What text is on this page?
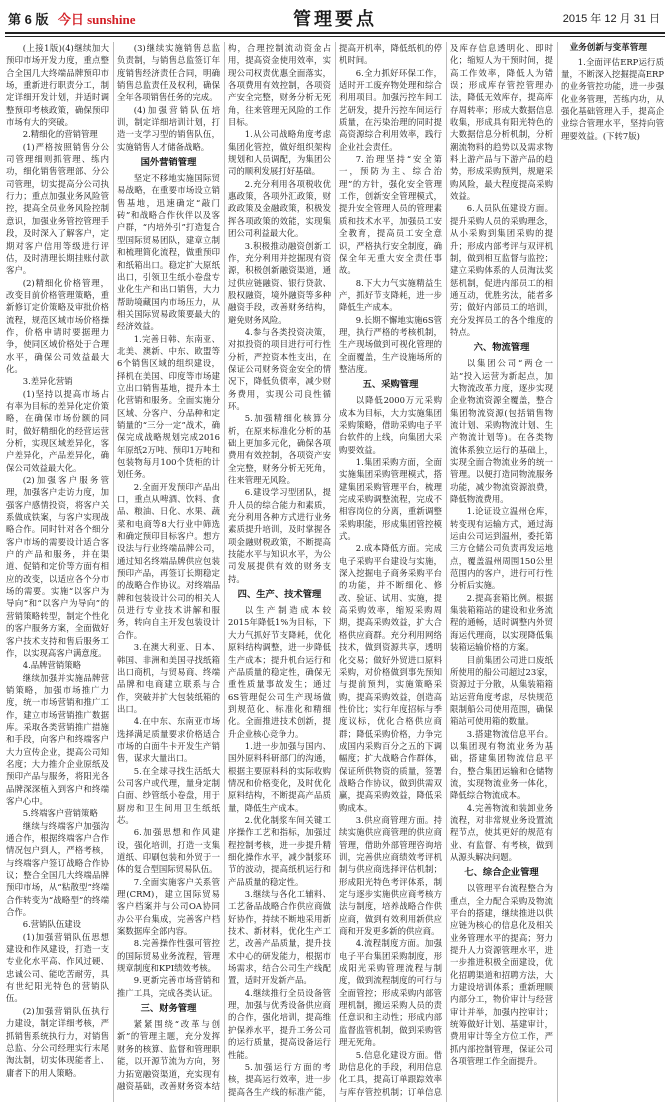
第 6 版 今日 sunshine	管理要点	2015 年 12 月 31 日

(上接1版)(4)继续加大预印市场开发力度，重点整合全国几大终端品牌预印市场，重新进行职责分工，制定详细开发计划，并适时调整预印考核政策，确保预印市场有大的突破。

2.精细化的营销管理

(1)严格按照销售分公司管理细则抓管理、练内功，细化销售管理部、分公司管理，切实提高分公司执行力；重点加强业务风险管控，提高全员业务风险控制意识，加强业务管控管理手段，及时深入了解客户，定期对客户信用等级进行评估，及时清理长期挂账付款客户。

(2)精细化价格管理，改变目前价格管理策略，重新修订定价策略及审批价格流程，规范区域市场价格操作，价格申请时要据理力争，使同区域价格处于合理水平，确保公司效益最大化。

3.差异化营销

(1)坚持以提高市场占有率为目标的差异化定价策略，在确保市场份额的同时，做好精细化的经营运营分析，实现区域差异化，客户差异化，产品差异化，确保公司效益最大化。

(2)加强客户服务管理，加强客户走访力度，加强客户感情投资，将客户关系做成铁案，与客户实现战略合作。同时针对各个细分客户市场的需要设计适合客户的产品和服务，并在渠道、促销和定价等方面有相应的改变，以适应各个分市场的需要。实施“以客户为导向”和“以客户为导向”的营销策略转型，制定个性化的客户服务方案，全面做好客户技术支持和售后服务工作，以实现高客户满意度。

4.品牌营销策略

继续加强并实施品牌营销策略，加强市场推广力度，统一市场营销和推广工作，建立市场营销推广数据库。采取各类营销推广措施和手段，向客户和终端客户大力宣传企业，提高公司知名度；大力推介企业原纸及预印产品与服务，将阳光各品牌深深植入到客户和终端客户心中。

5.终端客户营销策略

继续与终端客户加强沟通合作，根据终端客户合作情况包户到人，严格考核，与终端客户签订战略合作协议；整合全国几大终端品牌预印市场，从“粘散型”终端合作转变为“战略型”的终端合作。

6.营销队伍建设

(1)加强营销队伍思想建设和作风建设，打造一支专业化水平高、作风过硬、忠诚公司、能吃苦耐劳，具有世纪阳光特色的营销队伍。

(2)加强营销队伍执行力建设，制定详细考核，严抓销售系统执行力，对销售总监、分公司经理实行末尾淘汰制，切实体现能者上、庸者下的用人策略。

(3)继续实施销售总监负责制，与销售总监签订年度销售经济责任合同，明确销售总监责任及权利，确保全年各项销售任务的完成。

(4)加强营销队伍培训，制定详细培训计划，打造一支学习型的销售队伍，实施销售人才储备战略。

国外营销管理

坚定不移地实施国际贸易战略，在重要市场设立销售基地，迅速确定“敲门砖”和战略合作伙伴以及客户群，“内培外引”打造复合型国际贸易团队，建章立制和梳理简化流程，做重预印和纸箱出口。稳定扩大原纸出口，引领卫生纸小卷盘专业化生产和出口销售，大力帮助境藏国内市场压力，从相关国际贸易政策要最大的经济效益。

1.完善日韩、东南亚、北美、澳新、中东、欧盟等6个销售区域的组织建设，择机在美国、印度等市场建立出口销售基地，提升本土化营销和服务。全面实施分区域、分客户、分品种和定销量的“三分一定”战术，确保完成战略规划完成2016年原纸2万吨、预印1万吨和包装物每月100个货柜的计划任务。

2.全面开发预印产品出口，重点从啤酒、饮料、食品、粮油、日化、水果、蔬菜和电商等8大行业中筛选和确定预印目标客户。想方设法与行业终端品牌公司，通过知名终端品牌供应包装预印产品，再签订长期稳定的战略合作协议。对终端品牌和包装设计公司的相关人员进行专业技术讲解和服务，转向自主开发包装设计合作。

3.在澳大利亚、日本、韩国、非洲和美国寻找纸箱出口商机，与贸易商、终端品牌和电商建立联系与合作，突破并扩大包装纸箱的出口。

4.在中东、东南亚市场选择满足质量要求价格适合市场的白面牛卡开发生产销售，谋求大量出口。

5.在全球寻找生活纸大公司客户或代理，量身定制白面、纱管纸小卷盘，用于厨房和卫生间用卫生纸纸芯。

6.加强思想和作风建设，强化培训，打造一支集道纸、印刷包装和外贸于一体的复合型国际贸易队伍。

7.全面实施客户关系管理(CRM)，建立国际贸易客户档案并与公司OA协同办公平台集成，完善客户档案数据库全部内容。

8.完善操作性强可管控的国际贸易业务流程，管理规章制度和KPI绩效考核。

9.更新完善市场营销和推广工具，完成各类认证。

三、财务管理

紧紧围绕“改革与创新”的管理主题，充分发挥财务的核算、监督和管理职能，以开源节流为方向，努力拓宽融资渠道，充实现有融资基础，改善财务资本结构，合理控制流动资金占用，提高资金使用效率，实现公司权责优惠全面落实，各项费用有效控制，各项资产安全完整，财务分析无死角，往来管理无风险的工作目标。

1.从公司战略角度考虑集团化管控，做好组织架构规划和人员调配，为集团公司的顺利发展打好基础。

2.充分利用各项税收优惠政策，各项外汇政策，财政政策及金融政策，积极发挥各项政策的效能，实现集团公司利益最大化。

3.积极推动融资创新工作，充分利用并挖掘现有资源，积极创新融资渠道，通过供应链融资、银行贷款、股权融资，境外融资等多种融资手段，改善财务结构，避免财务风险。

4.参与各类投资决策，对拟投资的项目进行可行性分析，严控资本性支出，在保证公司财务资金安全的情况下，降低负债率，减少财务费用，实现公司良性循环。

5.加强精细化核算分析，在原来标准化分析的基础上更加多元化，确保各项费用有效控制，各项资产安全完整，财务分析无死角，往来管理无风险。

6.建设学习型团队，提升人员的综合能力和素质，充分利用各种方式进行业务素质提升培训，及时掌握各项金融财税政策，不断提高技能水平与知识水平，为公司发展提供有效的财务支持。

四、生产、技术管理

以生产制造成本较2015年降低1%为目标，下大力气抓好节支降耗，优化原料结构调整，进一步降低生产成本；提升机台运行和产品质量的稳定性，确保无重性质量事故发生；通过6S管理促公司生产现场做到规范化、标准化和精细化。全面推进技术创新，提升企业核心竞争力。

1.进一步加强与国内、国外原料科研部门的沟通，根据主要原料科的实际收购情况和价格变化，及时优化原料结构，不断提高产品质量，降低生产成本。

2.优化制浆车间关键工序操作工艺和指标，加强过程控制考核，进一步提升精细化操作水平，减少制浆环节的波动，提高纸机运行和产品质量的稳定性。

3.继续与各化工辅料、工艺备品战略合作供应商做好协作，持续不断地采用新技术、新材料，优化生产工艺，改善产品质量，提升技术中心的研发能力，根据市场需求，结合公司生产线配置，适时开发新产品。

4.继续推行全员设备管理，加强与优秀设备供应商的合作，强化培训，提高维护保养水平，提升工务公司的运行质量，提高设备运行性能。

5.加强运行方面的考核，提高运行效率，进一步提高各生产线的标准产能，提高开机率，降低纸机的停机时间。

6.全力抓好环保工作，适时开工废弃物处理和综合利用项目。加强污控车间工艺研发，提升污控车间运行质量，在污染治理的同时提高资源综合利用效率，践行企业社会责任。

7.治理坚持“安全第一，预防为主、综合治理”的方针，强化安全管理工作，创新安全管理模式，提升安全管理人员的管理素质和技术水平，加强员工安全教育，提高员工安全意识，严格执行安全制度，确保全年无重大安全责任事故。

8.下大力气实施精益生产，抓好节支降耗，进一步降低生产成本。

9.长期不懈地实施6S管理，执行严格的考核机制，生产现场做到可视化管理的全面覆盖，生产设施场所的整洁度。

五、采购管理

以降低2000万元采购成本为目标，大力实施集团采购策略，借助采购电子平台软件的上线，向集团大采购要效益。

1.集团采购方面，全面实施集团采购管理模式，搭建集团采购管理平台，梳理完成采购调整流程，完成不相容岗位的分离，重新调整采购职能，形成集团管控模式。

2.成本降低方面。完成电子采购平台建设与实施，深入挖掘电子商务采购平台的功能，并不断细化、修改、验证、试用、实施，提高采购效率，缩短采购周期，提高采购效益，扩大合格供应商群。充分利用网络技术，做到资源共享，透明化交易；做好外贸进口原料采购，对价格做到事先预知与提前预判，实施策略采购，提高采购效益，创造高性价比；实行年度招标与季度议标，优化合格供应商群；降低采购价格，力争完成国内采购百分之五的下调幅度；扩大战略合作群体，保证所供物资的质量，签署战略合作协议，做到供需双赢，提高采购效益，降低采购成本。

3.供应商管理方面。持续实施供应商管理的供应商管理，借助外部管理咨询培训，完善供应商绩效考评机制与供应商选择评估机制；形成阳光特色考评体系，制定与逐步实施供应商考核方法与制度，培养战略合作供应商，做到有效利用新供应商和开发更多新的供应商。

4.流程制度方面。加强电子平台集团采购制度，形成阳光采购管理流程与制度，做到流程制度的可行与全面管控；形成采购内部管理机制，搬运采购人员的责任意识和主动性；形成内部监督监管机制，做到采购管理无死角。

5.信息化建设方面。借助信息化的手段，利用信息化工具，提高订单跟踪效率与库存管控机制；订单信息及库存信息透明化、即时化；缩短人为干预时间，提高工作效率，降低人为错误；形成库存管控管理办法，降低无效库存，提高库存周转率；形成大数据信息收集，形成具有阳光特色的大数据信息分析机制，分析潮流物料的趋势以及需求物料上游产品与下游产品的趋势，形成采购预判，规避采购风险，最大程度提高采购效益。

6.人员队伍建设方面。提升采购人员的采购理念，从小采购到集团采购的提升；形成内部考评与双评机制，做到相互监督与监控；建立采购体系的人员淘汰奖惩机制，促进内部员工的相通互动，优胜劣汰，能者多劳；做好内部员工的培训，充分发挥员工的各个维度的特点。

六、物流管理

以集团公司“两仓一站”投入运营为新起点，加大物流改革力度，逐步实现企业物流资源全覆盖，整合集团物流资源(包括销售物流计划、采购物流计划、生产物流计划等)。在各类物流体系独立运行的基础上，实现全面合物流业务的统一管理。以便打造同物流服务功能，减少物流资源浪费，降低物流费用。

1.论证设立温州仓库，转变现有运输方式，通过海运由公司运到温州，委托第三方仓储公司负责再发运地点，覆盖温州周围150公里范围内的客户，进行可行性分析后实施。

2.提高套箱比例。根据集装箱箱站的建设和业务流程的通畅，适时调整内外贸海运代理商，以实现降低集装箱运输价格的方案。

目前集团公司进口废纸所使用的船公司超过23家，资源过于分散，从集装箱箱站运营角度考虑，尽快规范限制船公司使用范围，确保箱站可使用箱的数量。

3.搭建物流信息平台。以集团现有物流业务为基础，搭建集团物流信息平台，整合集团运输和仓储物流，实现物流业务一体化，降低综合物流成本。

4.完善物流和装卸业务流程，对非常规业务设置流程节点，使其更好的规范有业、有监督、有考核，做到从源头解决问题。

七、综合企业管理

以管理平台流程整合为重点，全力配合采购及物流平台的搭建，继续推进以供应链为核心的信息化及相关业务管理水平的提高；努力提升人力资源管理水平，进一步推进积极全面建设，优化招聘渠道和招聘方法，大力建设培训体系；重新理顺内部分工，物价审计与经营审计并举，加强内控审计；统筹做好计划、基建审计，费用审计等全方位工作，严抓内部控制管理，保证公司各项管理工作全面提升。

业务创新与变革管理

1.全面评估ERP运行质量，不断深入挖掘提高ERP的业务管控功能，进一步强化业务管理，苦练内功，从强化基础管理入手，提高企业综合管理水平，坚持向管理要效益。(下转7版)
